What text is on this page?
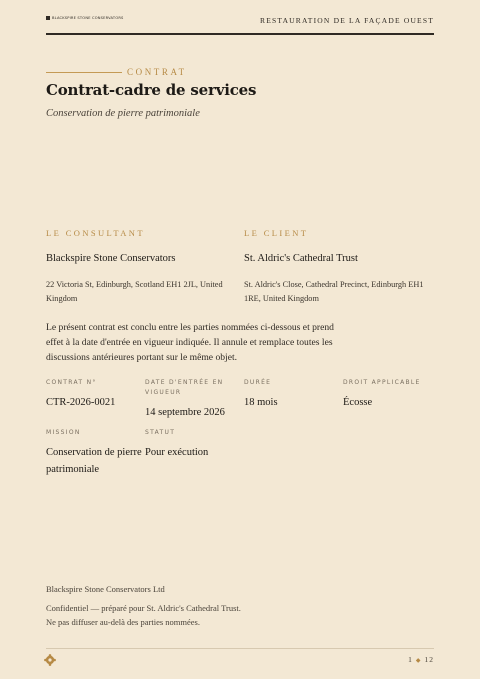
BLACKSPIRE STONE CONSERVATORS	RESTAURATION DE LA FAÇADE OUEST
CONTRAT
Contrat-cadre de services
Conservation de pierre patrimoniale
LE CONSULTANT
Blackspire Stone Conservators
22 Victoria St, Edinburgh, Scotland EH1 2JL, United Kingdom
LE CLIENT
St. Aldric's Cathedral Trust
St. Aldric's Close, Cathedral Precinct, Edinburgh EH1 1RE, United Kingdom
Le présent contrat est conclu entre les parties nommées ci-dessous et prend effet à la date d'entrée en vigueur indiquée. Il annule et remplace toutes les discussions antérieures portant sur le même objet.
CONTRAT N°
CTR-2026-0021
DATE D'ENTRÉE EN VIGUEUR
14 septembre 2026
DURÉE
18 mois
DROIT APPLICABLE
Écosse
MISSION
Conservation de pierre patrimoniale
STATUT
Pour exécution
Blackspire Stone Conservators Ltd
Confidentiel — préparé pour St. Aldric's Cathedral Trust.
Ne pas diffuser au-delà des parties nommées.
1 ◆ 12
